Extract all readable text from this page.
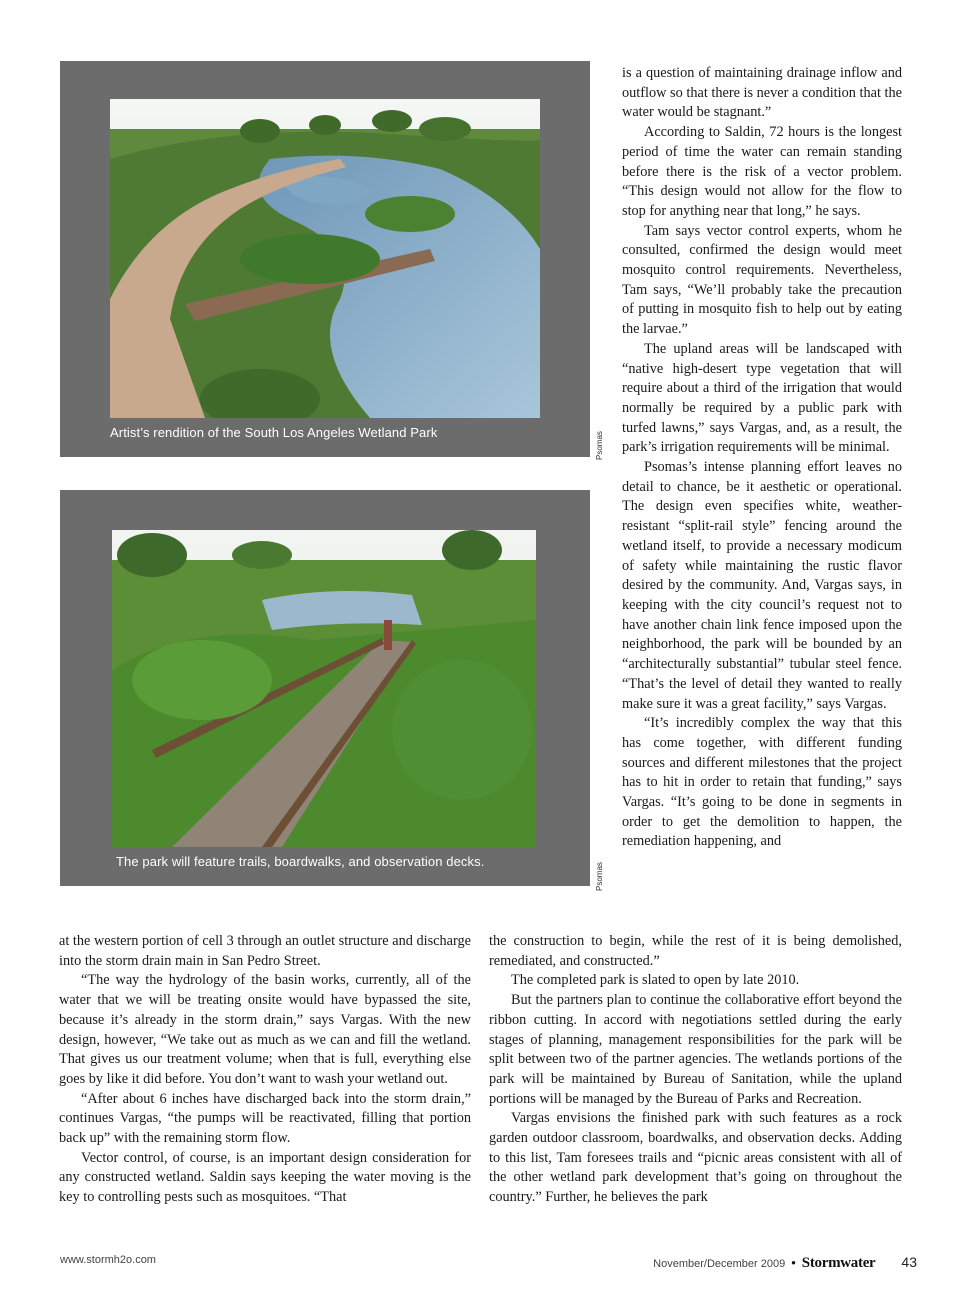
Artist’s rendition of the South Los Angeles Wetland Park	Psomas
The park will feature trails, boardwalks, and observation decks.
Psomas

is a question of maintaining drainage inflow and outflow so that there is never a condition that the water would be stagnant.”

According to Saldin, 72 hours is the longest period of time the water can remain standing before there is the risk of a vector problem. “This design would not allow for the flow to stop for anything near that long,” he says.

Tam says vector control experts, whom he consulted, confirmed the design would meet mosquito control requirements. Nevertheless, Tam says, “We’ll probably take the precaution of putting in mosquito fish to help out by eating the larvae.”

The upland areas will be landscaped with “native high-desert type vegetation that will require about a third of the irrigation that would normally be required by a public park with turfed lawns,” says Vargas, and, as a result, the park’s irrigation requirements will be minimal.

Psomas’s intense planning effort leaves no detail to chance, be it aesthetic or operational. The design even specifies white, weather-resistant “split-rail style” fencing around the wetland itself, to provide a necessary modicum of safety while maintaining the rustic flavor desired by the community. And, Vargas says, in keeping with the city council’s request not to have another chain link fence imposed upon the neighborhood, the park will be bounded by an “architecturally substantial” tubular steel fence. “That’s the level of detail they wanted to really make sure it was a great facility,” says Vargas.

“It’s incredibly complex the way that this has come together, with different funding sources and different milestones that the project has to hit in order to retain that funding,” says Vargas. “It’s going to be done in segments in order to get the demolition to happen, the remediation happening, and

the construction to begin, while the rest of it is being demolished, remediated, and constructed.”

The completed park is slated to open by late 2010.

But the partners plan to continue the collaborative effort beyond the ribbon cutting. In accord with negotiations settled during the early stages of planning, management responsibilities for the park will be split between two of the partner agencies. The wetlands portions of the park will be maintained by Bureau of Sanitation, while the upland portions will be managed by the Bureau of Parks and Recreation.

Vargas envisions the finished park with such features as a rock garden outdoor classroom, boardwalks, and observation decks. Adding to this list, Tam foresees trails and “picnic areas consistent with all of the other wetland park development that’s going on throughout the country.” Further, he believes the park

at the western portion of cell 3 through an outlet structure and discharge into the storm drain main in San Pedro Street.

“The way the hydrology of the basin works, currently, all of the water that we will be treating onsite would have bypassed the site, because it’s already in the storm drain,” says Vargas. With the new design, however, “We take out as much as we can and fill the wetland. That gives us our treatment volume; when that is full, everything else goes by like it did before. You don’t want to wash your wetland out.

“After about 6 inches have discharged back into the storm drain,” continues Vargas, “the pumps will be reactivated, filling that portion back up” with the remaining storm flow.

Vector control, of course, is an important design consideration for any constructed wetland. Saldin says keeping the water moving is the key to controlling pests such as mosquitoes. “That

www.stormh2o.com	November/December 2009 • Stormwater 43
